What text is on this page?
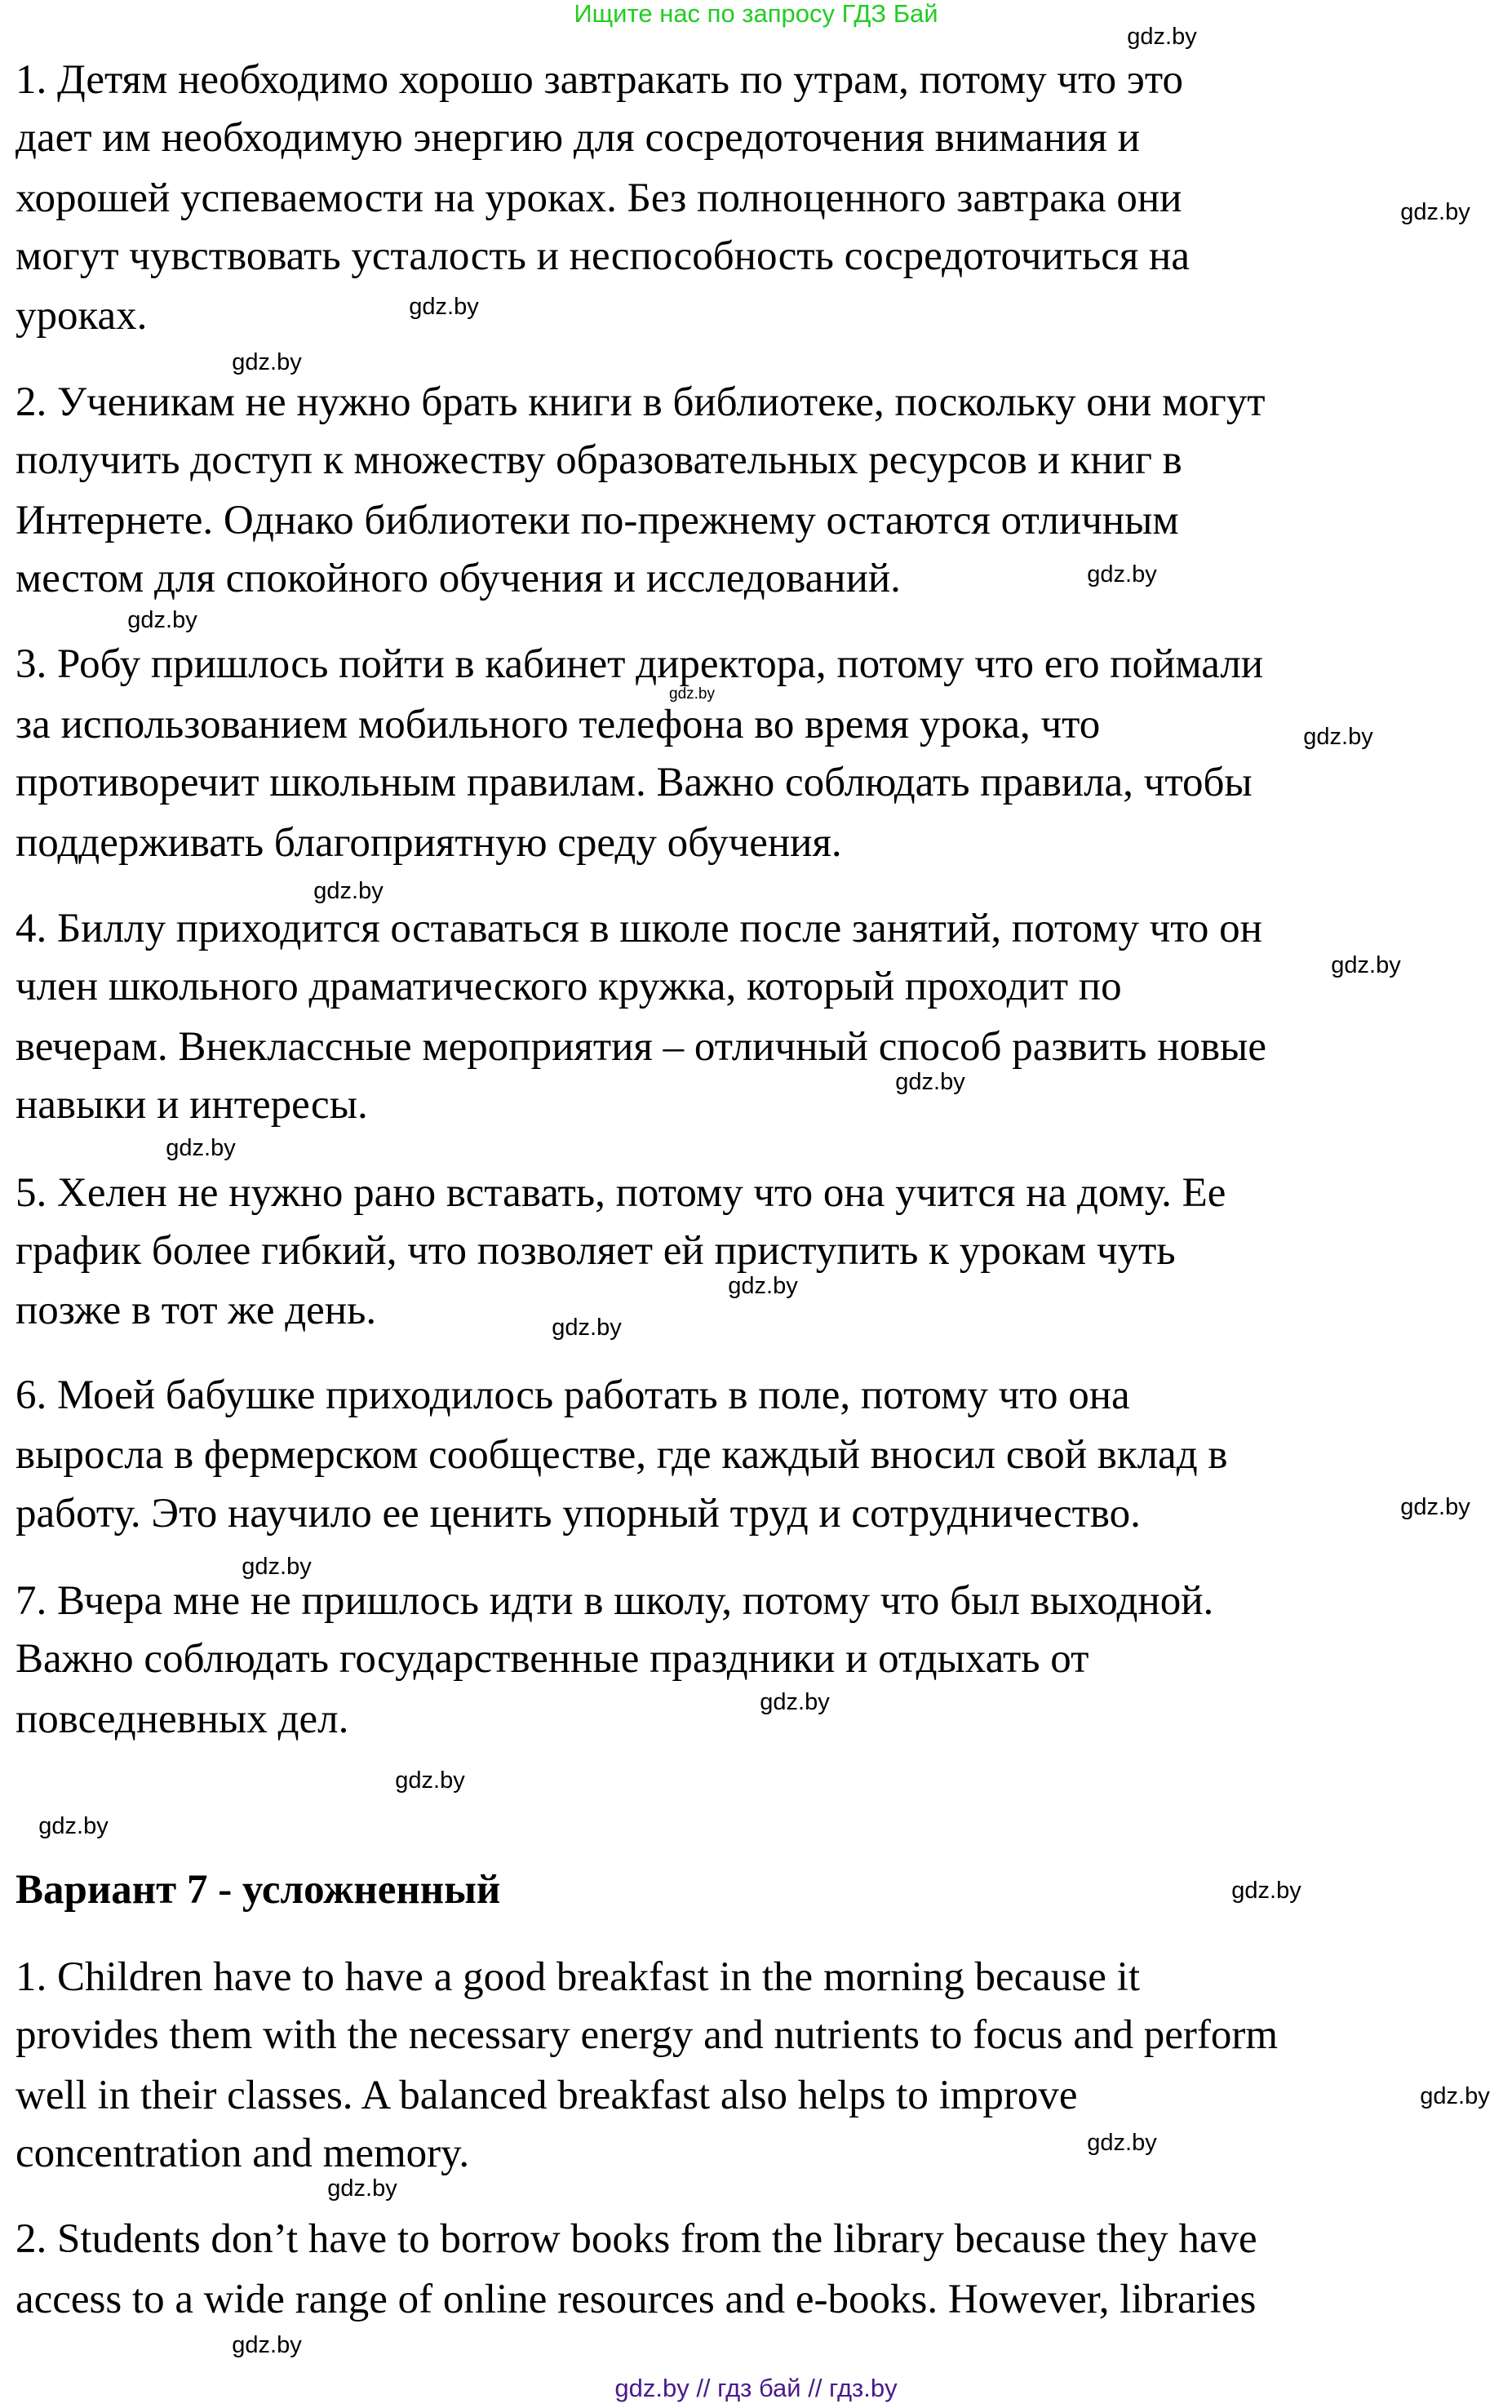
Ищите нас по запросу ГДЗ Бай
1. Детям необходимо хорошо завтракать по утрам, потому что это
дает им необходимую энергию для сосредоточения внимания и
хорошей успеваемости на уроках. Без полноценного завтрака они
могут чувствовать усталость и неспособность сосредоточиться на
уроках.
2. Ученикам не нужно брать книги в библиотеке, поскольку они могут
получить доступ к множеству образовательных ресурсов и книг в
Интернете. Однако библиотеки по-прежнему остаются отличным
местом для спокойного обучения и исследований.
3. Робу пришлось пойти в кабинет директора, потому что его поймали
за использованием мобильного телефона во время урока, что
противоречит школьным правилам. Важно соблюдать правила, чтобы
поддерживать благоприятную среду обучения.
4. Биллу приходится оставаться в школе после занятий, потому что он
член школьного драматического кружка, который проходит по
вечерам. Внеклассные мероприятия – отличный способ развить новые
навыки и интересы.
5. Хелен не нужно рано вставать, потому что она учится на дому. Ее
график более гибкий, что позволяет ей приступить к урокам чуть
позже в тот же день.
6. Моей бабушке приходилось работать в поле, потому что она
выросла в фермерском сообществе, где каждый вносил свой вклад в
работу. Это научило ее ценить упорный труд и сотрудничество.
7. Вчера мне не пришлось идти в школу, потому что был выходной.
Важно соблюдать государственные праздники и отдыхать от
повседневных дел.
Вариант 7 - усложненный
1. Children have to have a good breakfast in the morning because it
provides them with the necessary energy and nutrients to focus and perform
well in their classes. A balanced breakfast also helps to improve
concentration and memory.
2. Students don’t have to borrow books from the library because they have
access to a wide range of online resources and e-books. However, libraries
gdz.by
gdz.by
gdz.by
gdz.by
gdz.by
gdz.by
gdz.by
gdz.by
gdz.by
gdz.by
gdz.by
gdz.by
gdz.by
gdz.by
gdz.by
gdz.by
gdz.by
gdz.by
gdz.by
gdz.by
gdz.by
gdz.by
gdz.by
gdz.by
gdz.by // гдз бай // гдз.by
